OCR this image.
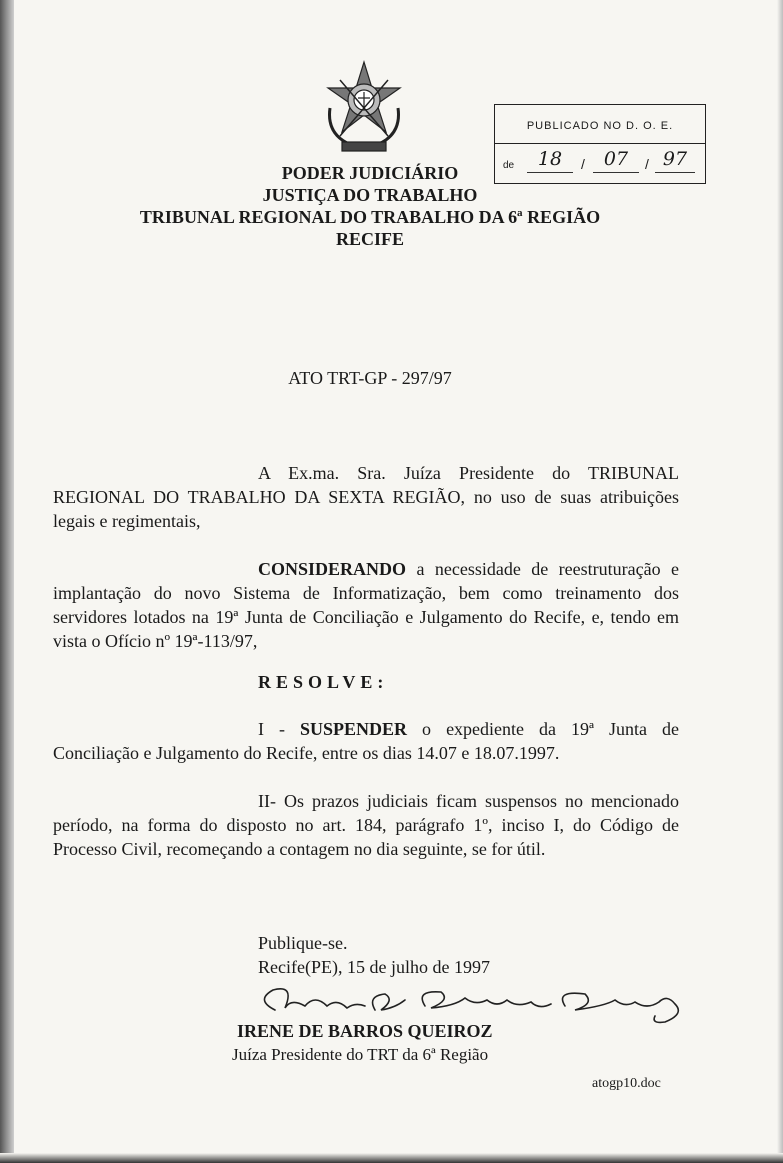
PUBLICADO NO D. O. E.
de	18	/	07	/ 97
PODER JUDICIÁRIO
JUSTIÇA DO TRABALHO
TRIBUNAL REGIONAL DO TRABALHO DA 6ª REGIÃO
RECIFE
ATO TRT-GP - 297/97

A Ex.ma. Sra. Juíza Presidente do TRIBUNAL REGIONAL DO TRABALHO DA SEXTA REGIÃO, no uso de suas atribuições legais e regimentais,

CONSIDERANDO a necessidade de reestruturação e implantação do novo Sistema de Informatização, bem como treinamento dos servidores lotados na 19ª Junta de Conciliação e Julgamento do Recife, e, tendo em vista o Ofício nº 19ª-113/97,

RESOLVE:

I - SUSPENDER o expediente da 19ª Junta de Conciliação e Julgamento do Recife, entre os dias 14.07 e 18.07.1997.

II- Os prazos judiciais ficam suspensos no mencionado período, na forma do disposto no art. 184, parágrafo 1º, inciso I, do Código de Processo Civil, recomeçando a contagem no dia seguinte, se for útil.

Publique-se.
Recife(PE), 15 de julho de 1997
IRENE DE BARROS QUEIROZ
Juíza Presidente do TRT da 6ª Região
atogp10.doc
